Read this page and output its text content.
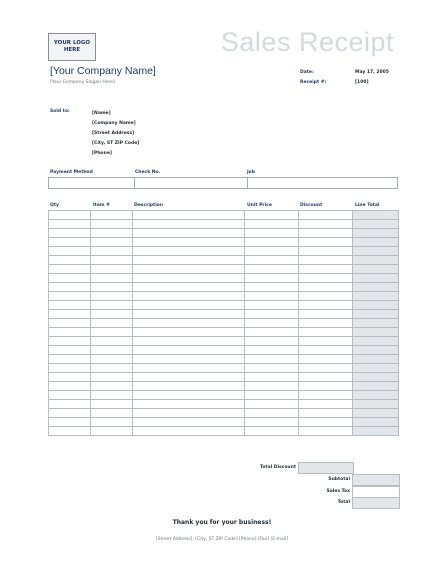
YOUR LOGO
HERE	Sales Receipt
[Your Company Name]
[Your Company Slogan Here]
Date:	May 17, 2005
Receipt #:	[100]
Sold to:	[Name]
[Company Name]
[Street Address]
[City, ST ZIP Code]
[Phone]
Payment Method	Check No.	Job

Qty	Item #	Description	Unit Price	Discount	Line Total

Total Discount
Subtotal
Sales Tax
Total
Thank you for your business!
[Street Address], [City, ST ZIP Code] [Phone] [Fax] [E-mail]
